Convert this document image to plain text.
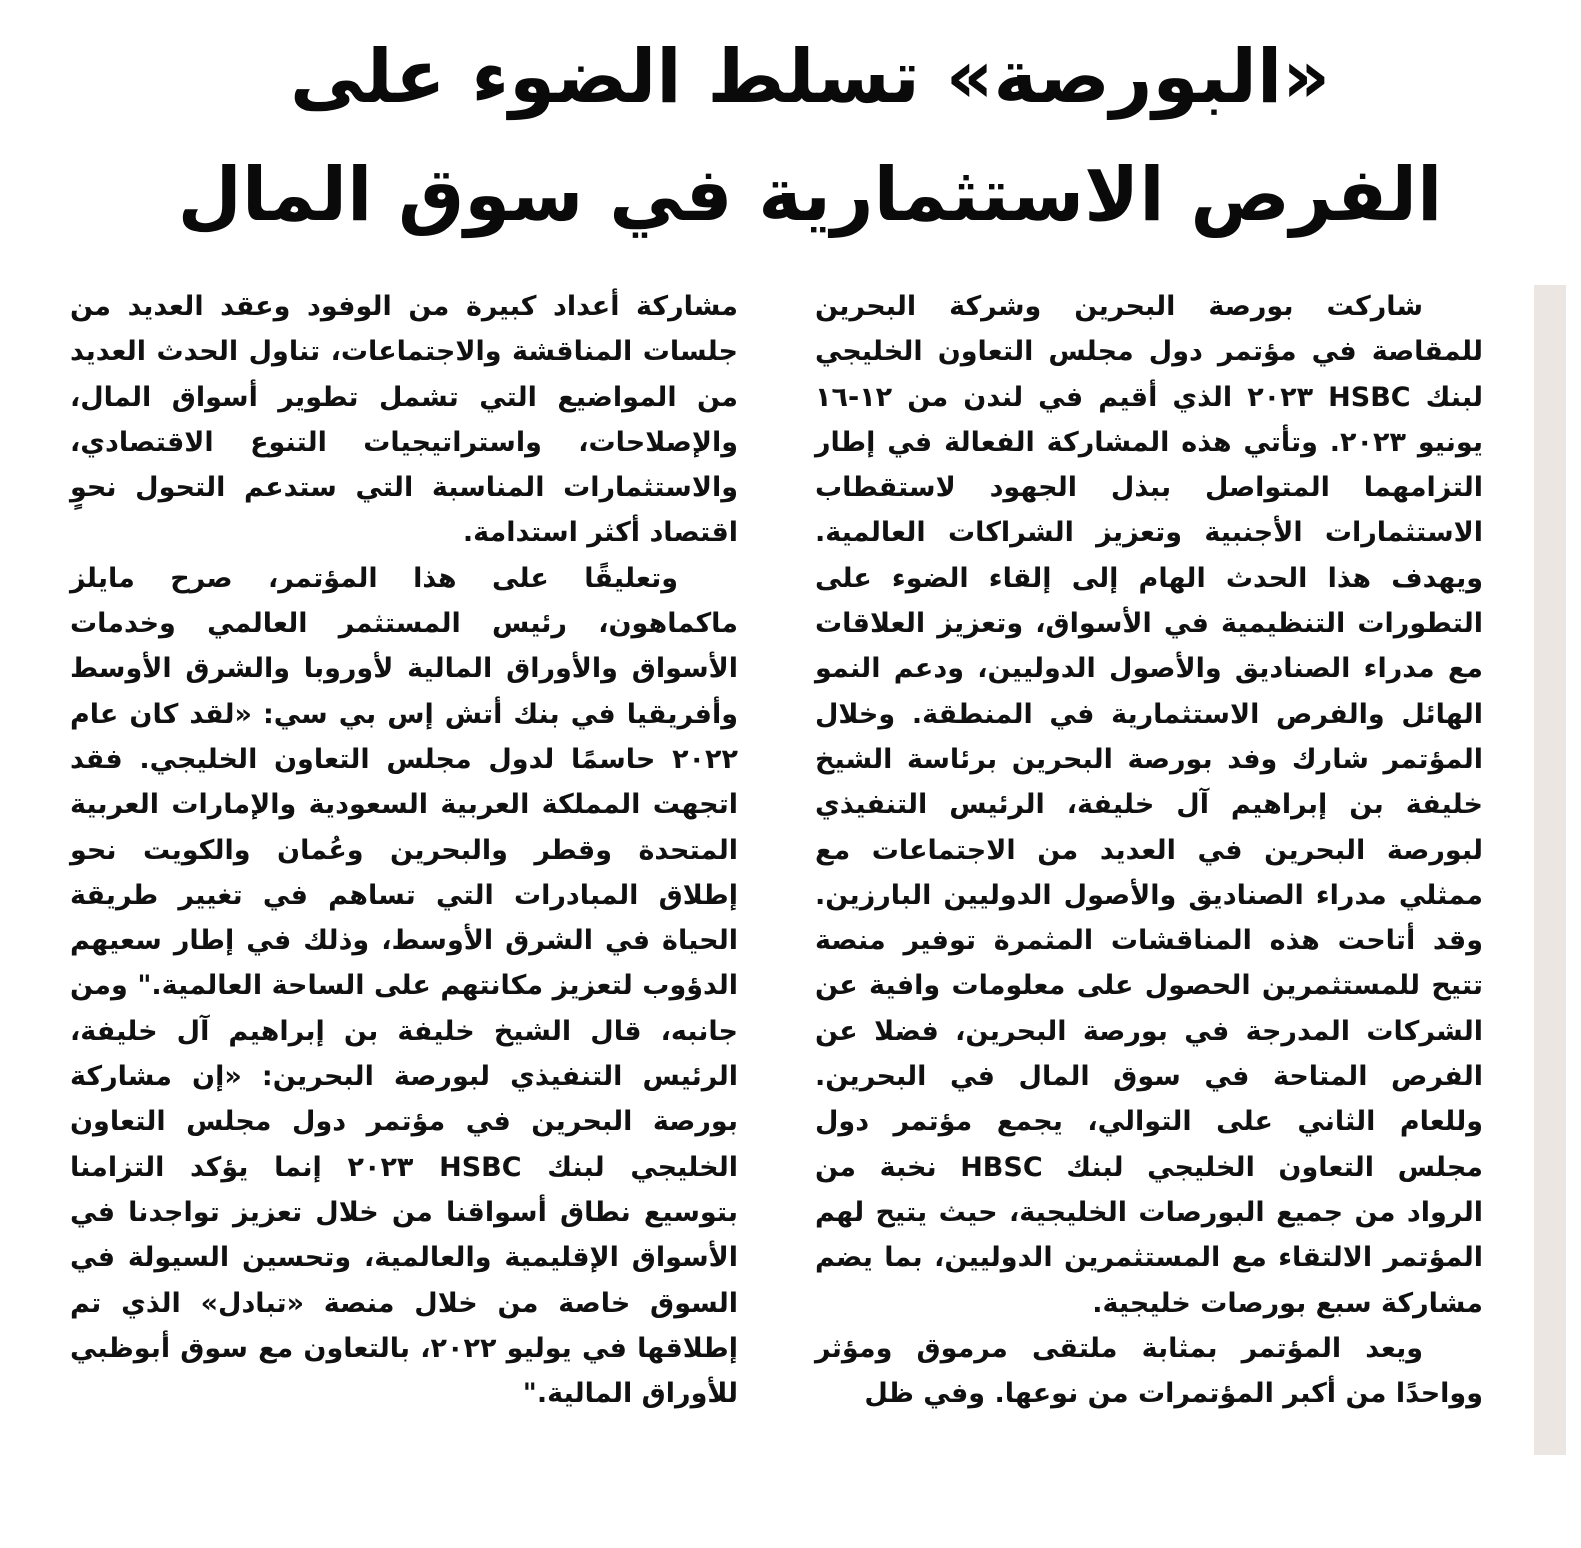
«البورصة» تسلط الضوء على
الفرص الاستثمارية في سوق المال

شاركت بورصة البحرين وشركة البحرين للمقاصة في مؤتمر دول مجلس التعاون الخليجي لبنك HSBC ٢٠٢٣ الذي أقيم في لندن من ١٢-١٦ يونيو ٢٠٢٣. وتأتي هذه المشاركة الفعالة في إطار التزامهما المتواصل ببذل الجهود لاستقطاب الاستثمارات الأجنبية وتعزيز الشراكات العالمية. ويهدف هذا الحدث الهام إلى إلقاء الضوء على التطورات التنظيمية في الأسواق، وتعزيز العلاقات مع مدراء الصناديق والأصول الدوليين، ودعم النمو الهائل والفرص الاستثمارية في المنطقة. وخلال المؤتمر شارك وفد بورصة البحرين برئاسة الشيخ خليفة بن إبراهيم آل خليفة، الرئيس التنفيذي لبورصة البحرين في العديد من الاجتماعات مع ممثلي مدراء الصناديق والأصول الدوليين البارزين. وقد أتاحت هذه المناقشات المثمرة توفير منصة تتيح للمستثمرين الحصول على معلومات وافية عن الشركات المدرجة في بورصة البحرين، فضلا عن الفرص المتاحة في سوق المال في البحرين. وللعام الثاني على التوالي، يجمع مؤتمر دول مجلس التعاون الخليجي لبنك HBSC نخبة من الرواد من جميع البورصات الخليجية، حيث يتيح لهم المؤتمر الالتقاء مع المستثمرين الدوليين، بما يضم مشاركة سبع بورصات خليجية.

ويعد المؤتمر بمثابة ملتقى مرموق ومؤثر وواحدًا من أكبر المؤتمرات من نوعها. وفي ظل

مشاركة أعداد كبيرة من الوفود وعقد العديد من جلسات المناقشة والاجتماعات، تناول الحدث العديد من المواضيع التي تشمل تطوير أسواق المال، والإصلاحات، واستراتيجيات التنوع الاقتصادي، والاستثمارات المناسبة التي ستدعم التحول نحوٍ اقتصاد أكثر استدامة.

وتعليقًا على هذا المؤتمر، صرح مايلز ماكماهون، رئيس المستثمر العالمي وخدمات الأسواق والأوراق المالية لأوروبا والشرق الأوسط وأفريقيا في بنك أتش إس بي سي: «لقد كان عام ٢٠٢٢ حاسمًا لدول مجلس التعاون الخليجي. فقد اتجهت المملكة العربية السعودية والإمارات العربية المتحدة وقطر والبحرين وعُمان والكويت نحو إطلاق المبادرات التي تساهم في تغيير طريقة الحياة في الشرق الأوسط، وذلك في إطار سعيهم الدؤوب لتعزيز مكانتهم على الساحة العالمية." ومن جانبه، قال الشيخ خليفة بن إبراهيم آل خليفة، الرئيس التنفيذي لبورصة البحرين: «إن مشاركة بورصة البحرين في مؤتمر دول مجلس التعاون الخليجي لبنك HSBC ٢٠٢٣ إنما يؤكد التزامنا بتوسيع نطاق أسواقنا من خلال تعزيز تواجدنا في الأسواق الإقليمية والعالمية، وتحسين السيولة في السوق خاصة من خلال منصة «تبادل» الذي تم إطلاقها في يوليو ٢٠٢٢، بالتعاون مع سوق أبوظبي للأوراق المالية."
